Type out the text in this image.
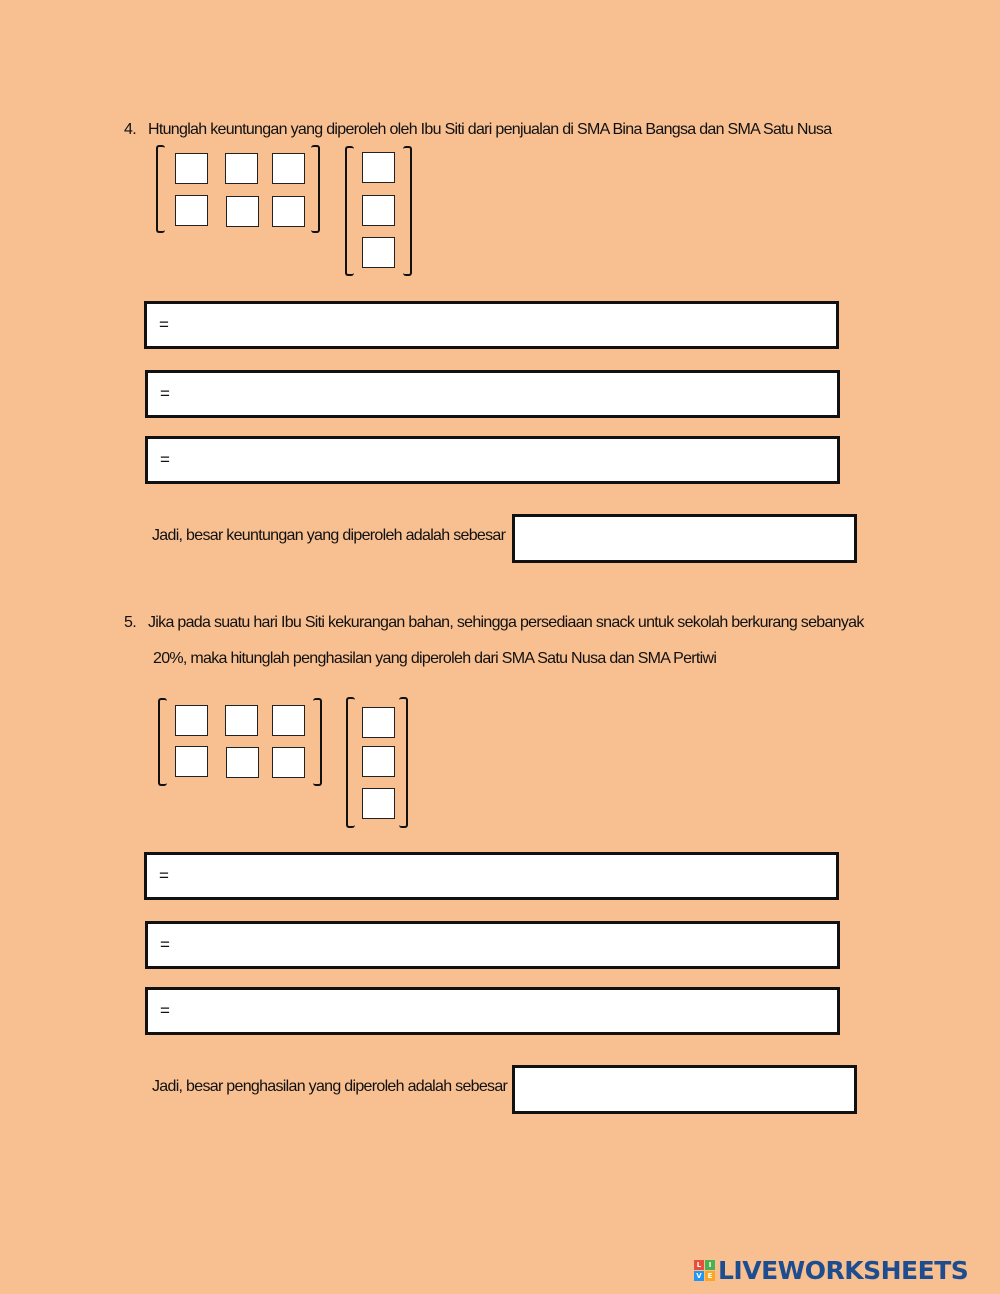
4. Htunglah keuntungan yang diperoleh oleh Ibu Siti dari penjualan di SMA Bina Bangsa dan SMA Satu Nusa
=
=
=
Jadi, besar keuntungan yang diperoleh adalah sebesar
5. Jika pada suatu hari Ibu Siti kekurangan bahan, sehingga persediaan snack untuk sekolah berkurang sebanyak
20%, maka hitunglah penghasilan yang diperoleh dari SMA Satu Nusa dan SMA Pertiwi
=
=
=
Jadi, besar penghasilan yang diperoleh adalah sebesar
L	I
V E LIVEWORKSHEETS
